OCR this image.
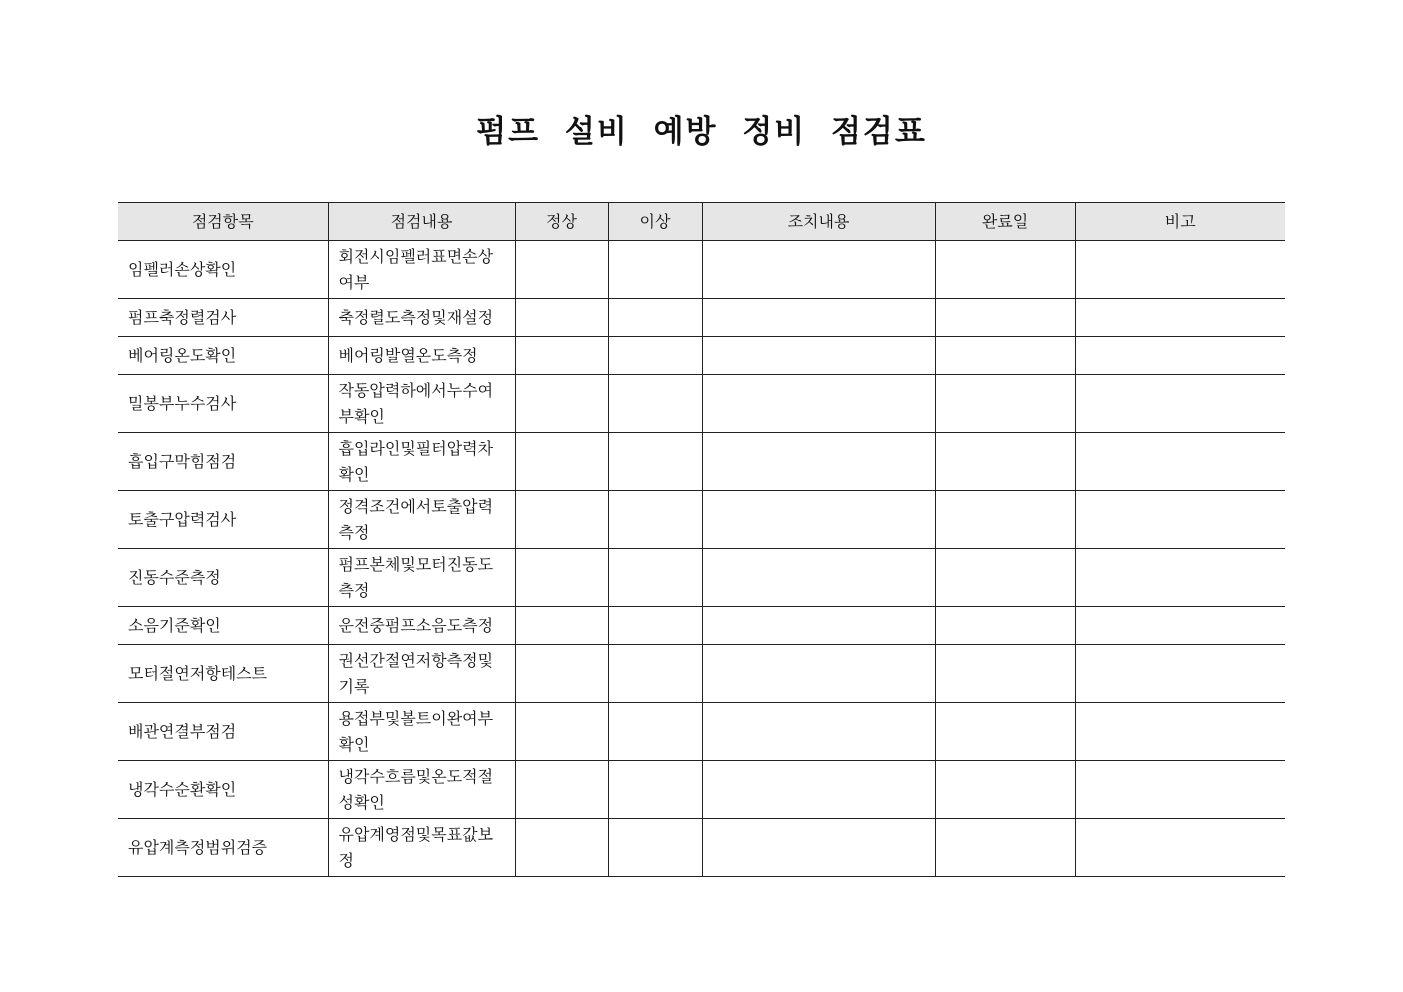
펌프 설비 예방 정비 점검표
점검항목	점검내용	정상	이상	조치내용	완료일	비고
임펠러손상확인	회전시임펠러표면손상여부					
펌프축정렬검사	축정렬도측정및재설정					
베어링온도확인	베어링발열온도측정					
밀봉부누수검사	작동압력하에서누수여부확인					
흡입구막힘점검	흡입라인및필터압력차확인					
토출구압력검사	정격조건에서토출압력측정					
진동수준측정	펌프본체및모터진동도측정					
소음기준확인	운전중펌프소음도측정					
모터절연저항테스트	권선간절연저항측정및기록					
배관연결부점검	용접부및볼트이완여부확인					
냉각수순환확인	냉각수흐름및온도적절성확인					
유압계측정범위검증	유압계영점및목표값보정					
